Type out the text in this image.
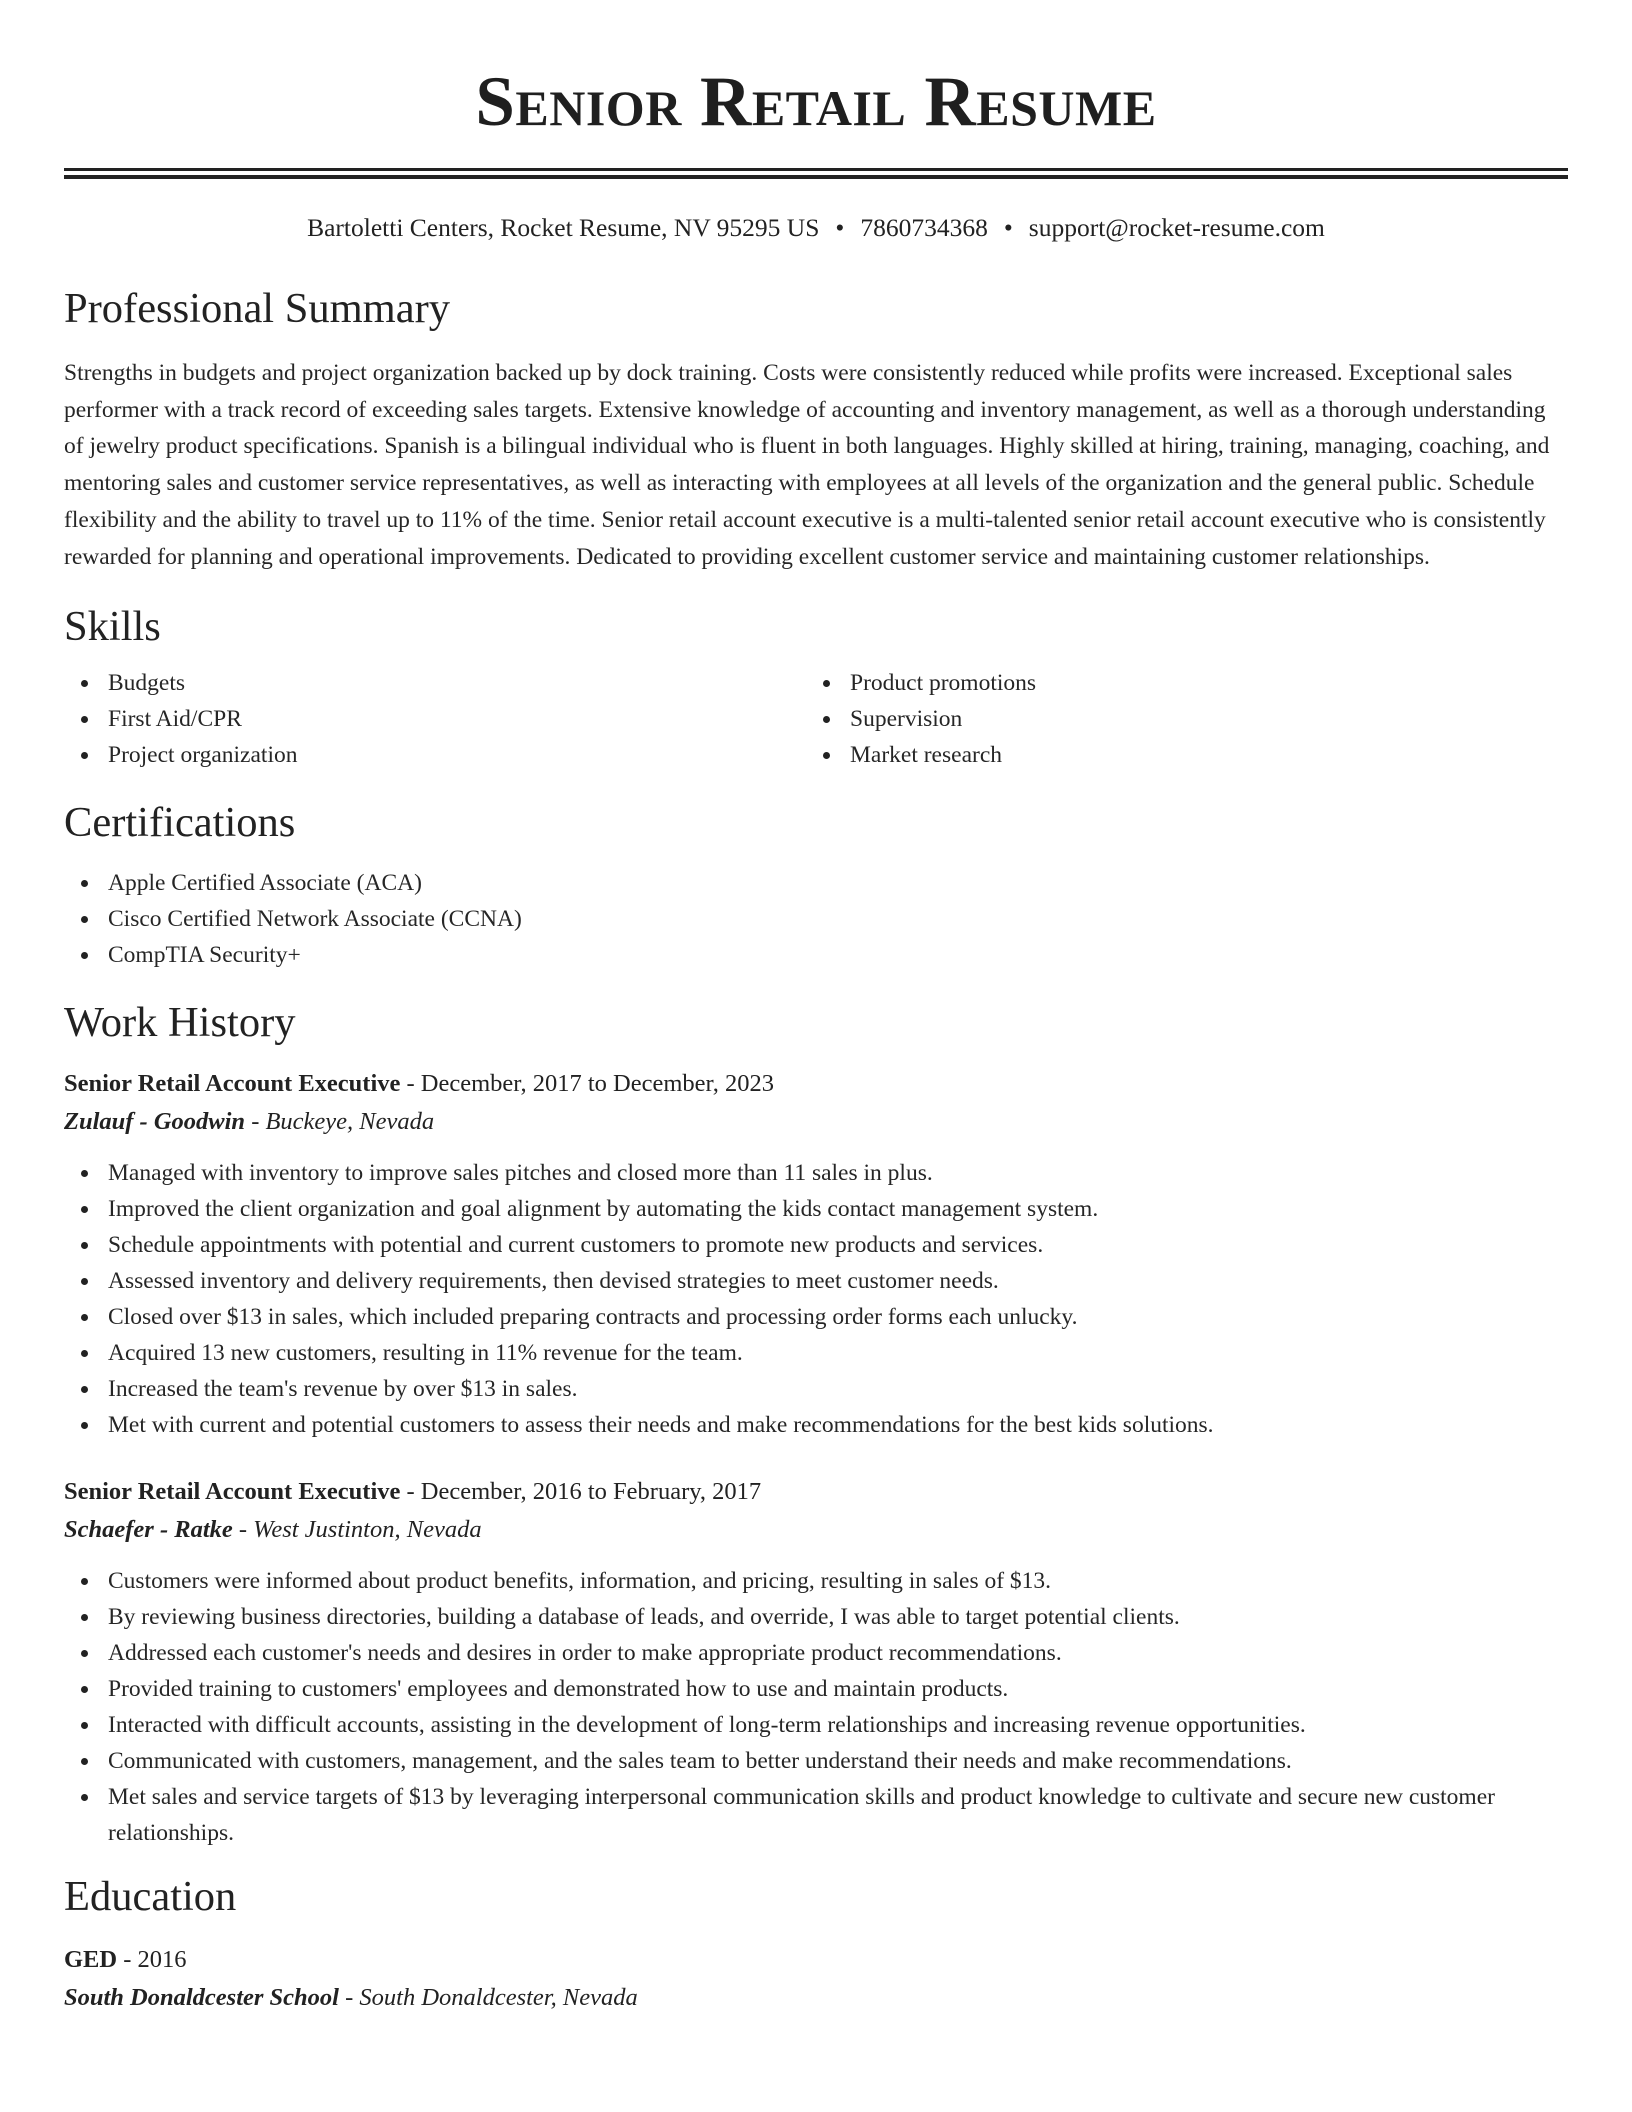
Senior Retail Resume
Bartoletti Centers, Rocket Resume, NV 95295 US • 7860734368 • support@rocket-resume.com
Professional Summary

Strengths in budgets and project organization backed up by dock training. Costs were consistently reduced while profits were increased. Exceptional sales performer with a track record of exceeding sales targets. Extensive knowledge of accounting and inventory management, as well as a thorough understanding of jewelry product specifications. Spanish is a bilingual individual who is fluent in both languages. Highly skilled at hiring, training, managing, coaching, and mentoring sales and customer service representatives, as well as interacting with employees at all levels of the organization and the general public. Schedule flexibility and the ability to travel up to 11% of the time. Senior retail account executive is a multi-talented senior retail account executive who is consistently rewarded for planning and operational improvements. Dedicated to providing excellent customer service and maintaining customer relationships.

Skills
Budgets
First Aid/CPR
Project organization
Product promotions
Supervision
Market research
Certifications
Apple Certified Associate (ACA)
Cisco Certified Network Associate (CCNA)
CompTIA Security+
Work History
Senior Retail Account Executive - December, 2017 to December, 2023
Zulauf - Goodwin - Buckeye, Nevada
Managed with inventory to improve sales pitches and closed more than 11 sales in plus.
Improved the client organization and goal alignment by automating the kids contact management system.
Schedule appointments with potential and current customers to promote new products and services.
Assessed inventory and delivery requirements, then devised strategies to meet customer needs.
Closed over $13 in sales, which included preparing contracts and processing order forms each unlucky.
Acquired 13 new customers, resulting in 11% revenue for the team.
Increased the team's revenue by over $13 in sales.
Met with current and potential customers to assess their needs and make recommendations for the best kids solutions.
Senior Retail Account Executive - December, 2016 to February, 2017
Schaefer - Ratke - West Justinton, Nevada
Customers were informed about product benefits, information, and pricing, resulting in sales of $13.
By reviewing business directories, building a database of leads, and override, I was able to target potential clients.
Addressed each customer's needs and desires in order to make appropriate product recommendations.
Provided training to customers' employees and demonstrated how to use and maintain products.
Interacted with difficult accounts, assisting in the development of long-term relationships and increasing revenue opportunities.
Communicated with customers, management, and the sales team to better understand their needs and make recommendations.
Met sales and service targets of $13 by leveraging interpersonal communication skills and product knowledge to cultivate and secure new customer relationships.
Education
GED - 2016
South Donaldcester School - South Donaldcester, Nevada
